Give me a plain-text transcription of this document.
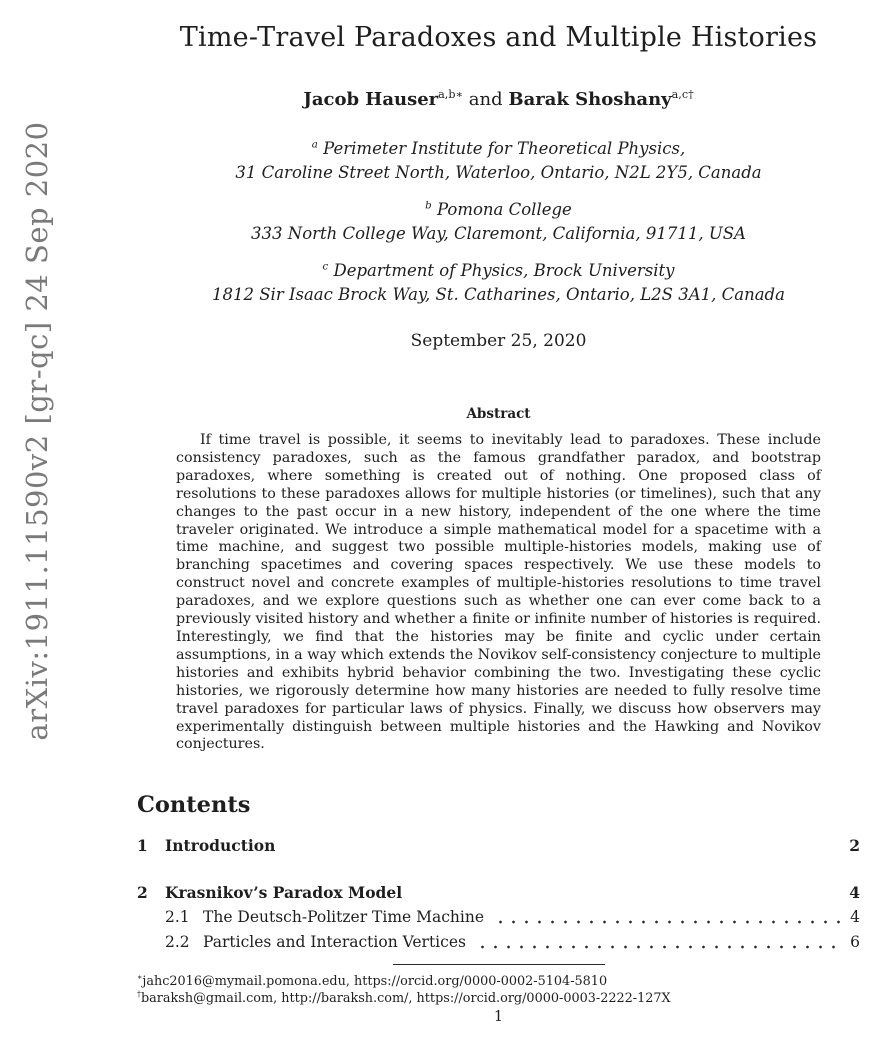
arXiv:1911.11590v2 [gr-qc] 24 Sep 2020
Time-Travel Paradoxes and Multiple Histories
Jacob Hauser$^{a,b∗}$ and Barak Shoshany$^{a,c\dagger}$
$^a$ Perimeter Institute for Theoretical Physics,
31 Caroline Street North, Waterloo, Ontario, N2L 2Y5, Canada
$^b$ Pomona College
333 North College Way, Claremont, California, 91711, USA
$^c$ Department of Physics, Brock University
1812 Sir Isaac Brock Way, St. Catharines, Ontario, L2S 3A1, Canada
September 25, 2020
Abstract

If time travel is possible, it seems to inevitably lead to paradoxes. These include consistency paradoxes, such as the famous grandfather paradox, and bootstrap paradoxes, where something is created out of nothing. One proposed class of resolutions to these paradoxes allows for multiple histories (or timelines), such that any changes to the past occur in a new history, independent of the one where the time traveler originated. We introduce a simple mathematical model for a spacetime with a time machine, and suggest two possible multiple-histories models, making use of branching spacetimes and covering spaces respectively. We use these models to construct novel and concrete examples of multiple-histories resolutions to time travel paradoxes, and we explore questions such as whether one can ever come back to a previously visited history and whether a finite or infinite number of histories is required. Interestingly, we find that the histories may be finite and cyclic under certain assumptions, in a way which extends the Novikov self-consistency conjecture to multiple histories and exhibits hybrid behavior combining the two. Investigating these cyclic histories, we rigorously determine how many histories are needed to fully resolve time travel paradoxes for particular laws of physics. Finally, we discuss how observers may experimentally distinguish between multiple histories and the Hawking and Novikov conjectures.

Contents
1	Introduction	2
2	Krasnikov’s Paradox Model	4
2.1 The Deutsch-Politzer Time Machine	4
2.2 Particles and Interaction Vertices	6
∗jahc2016@mymail.pomona.edu, https://orcid.org/0000-0002-5104-5810
†baraksh@gmail.com, http://baraksh.com/, https://orcid.org/0000-0003-2222-127X
1
